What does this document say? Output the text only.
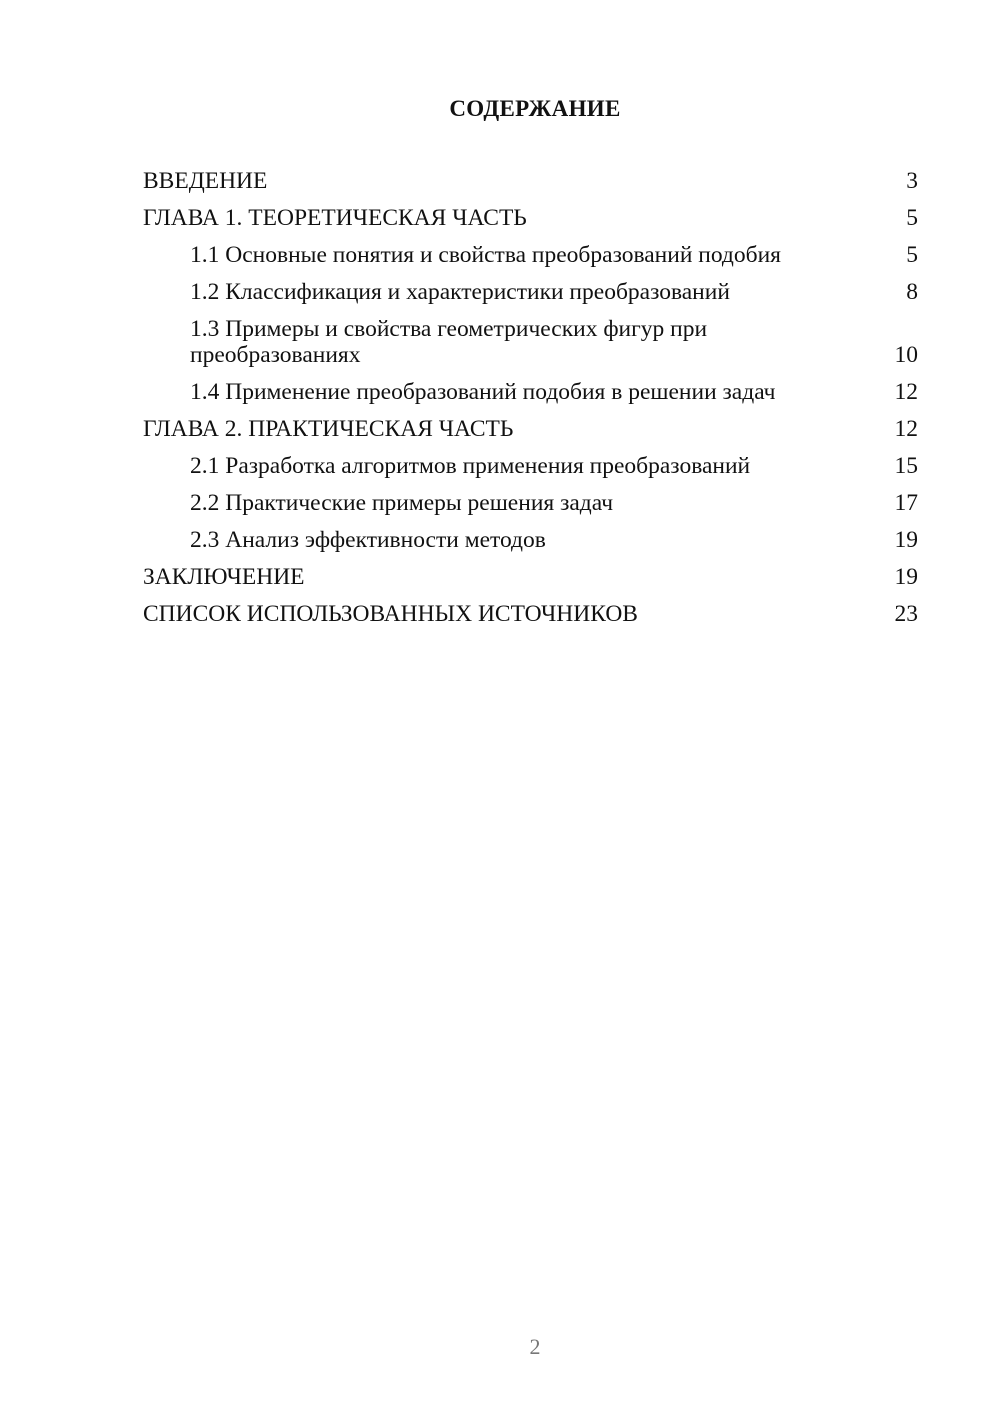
СОДЕРЖАНИЕ
ВВЕДЕНИЕ	3
ГЛАВА 1. ТЕОРЕТИЧЕСКАЯ ЧАСТЬ	5
1.1 Основные понятия и свойства преобразований подобия	5
1.2 Классификация и характеристики преобразований	8
1.3 Примеры и свойства геометрических фигур при преобразованиях	10
1.4 Применение преобразований подобия в решении задач	12
ГЛАВА 2. ПРАКТИЧЕСКАЯ ЧАСТЬ	12
2.1 Разработка алгоритмов применения преобразований	15
2.2 Практические примеры решения задач	17
2.3 Анализ эффективности методов	19
ЗАКЛЮЧЕНИЕ	19
СПИСОК ИСПОЛЬЗОВАННЫХ ИСТОЧНИКОВ	23
2
